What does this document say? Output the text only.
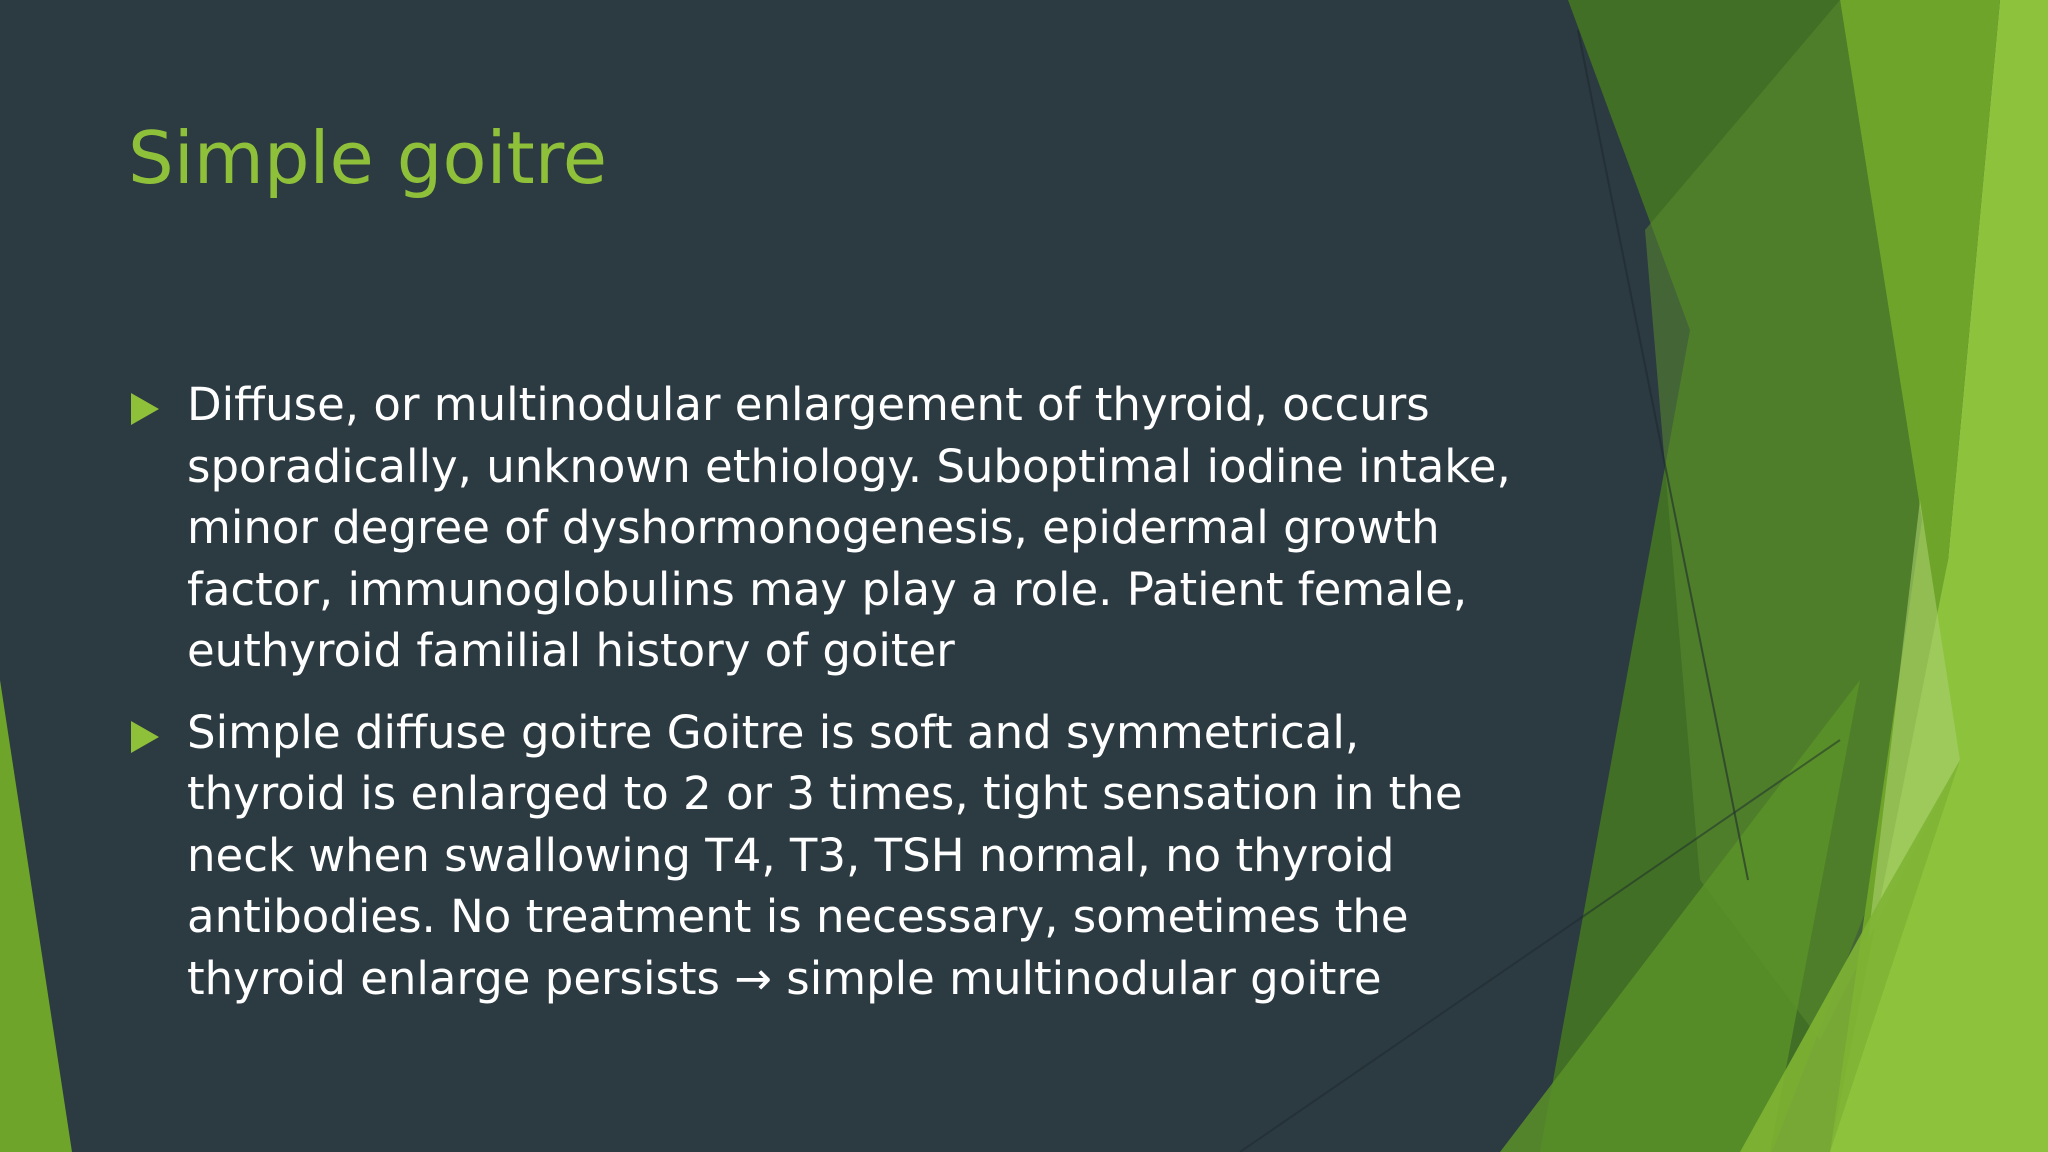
Simple goitre
Diffuse, or multinodular enlargement of thyroid, occurs
sporadically, unknown ethiology. Suboptimal iodine intake,
minor degree of dyshormonogenesis, epidermal growth
factor, immunoglobulins may play a role. Patient female,
euthyroid familial history of goiter
Simple diffuse goitre Goitre is soft and symmetrical,
thyroid is enlarged to 2 or 3 times, tight sensation in the
neck when swallowing T4, T3, TSH normal, no thyroid
antibodies. No treatment is necessary, sometimes the
thyroid enlarge persists → simple multinodular goitre
